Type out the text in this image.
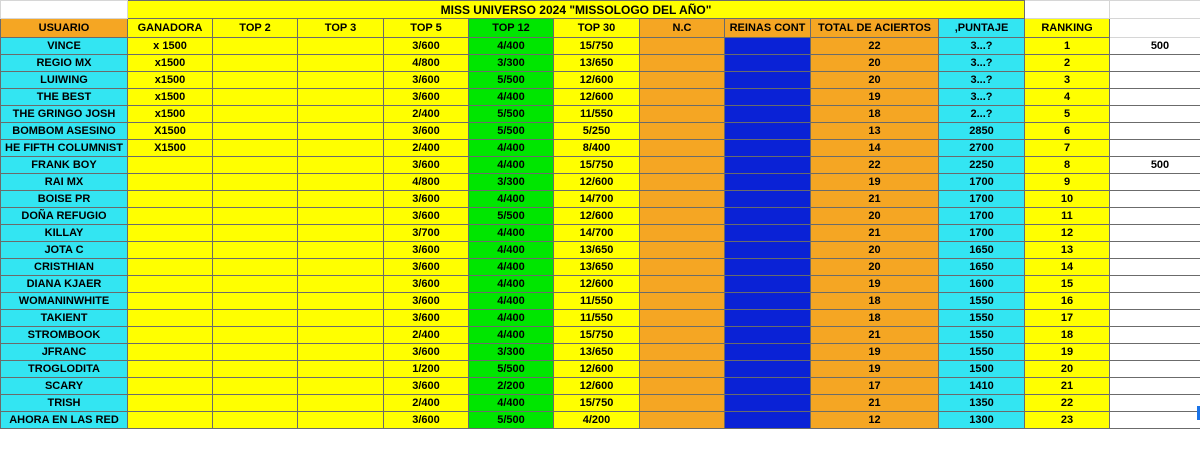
	MISS UNIVERSO 2024 "MISSOLOGO DEL AÑO"											
USUARIO	GANADORA	TOP 2	TOP 3	TOP 5	TOP 12	TOP 30	N.C	REINAS CONT	TOTAL DE ACIERTOS	,PUNTAJE	RANKING	
VINCE	x 1500			3/600	4/400	15/750			22	3...?	1	500
REGIO MX	x1500			4/800	3/300	13/650			20	3...?	2	
LUIWING	x1500			3/600	5/500	12/600			20	3...?	3	
THE BEST	x1500			3/600	4/400	12/600			19	3...?	4	
THE GRINGO JOSH	x1500			2/400	5/500	11/550			18	2...?	5	
BOMBOM ASESINO	X1500			3/600	5/500	5/250			13	2850	6	
HE FIFTH COLUMNIST	X1500			2/400	4/400	8/400			14	2700	7	
FRANK BOY				3/600	4/400	15/750			22	2250	8	500
RAI MX				4/800	3/300	12/600			19	1700	9	
BOISE PR				3/600	4/400	14/700			21	1700	10	
DOÑA REFUGIO				3/600	5/500	12/600			20	1700	11	
KILLAY				3/700	4/400	14/700			21	1700	12	
JOTA C				3/600	4/400	13/650			20	1650	13	
CRISTHIAN				3/600	4/400	13/650			20	1650	14	
DIANA KJAER				3/600	4/400	12/600			19	1600	15	
WOMANINWHITE				3/600	4/400	11/550			18	1550	16	
TAKIENT				3/600	4/400	11/550			18	1550	17	
STROMBOOK				2/400	4/400	15/750			21	1550	18	
JFRANC				3/600	3/300	13/650			19	1550	19	
TROGLODITA				1/200	5/500	12/600			19	1500	20	
SCARY				3/600	2/200	12/600			17	1410	21	
TRISH				2/400	4/400	15/750			21	1350	22	
AHORA EN LAS RED				3/600	5/500	4/200			12	1300	23	
